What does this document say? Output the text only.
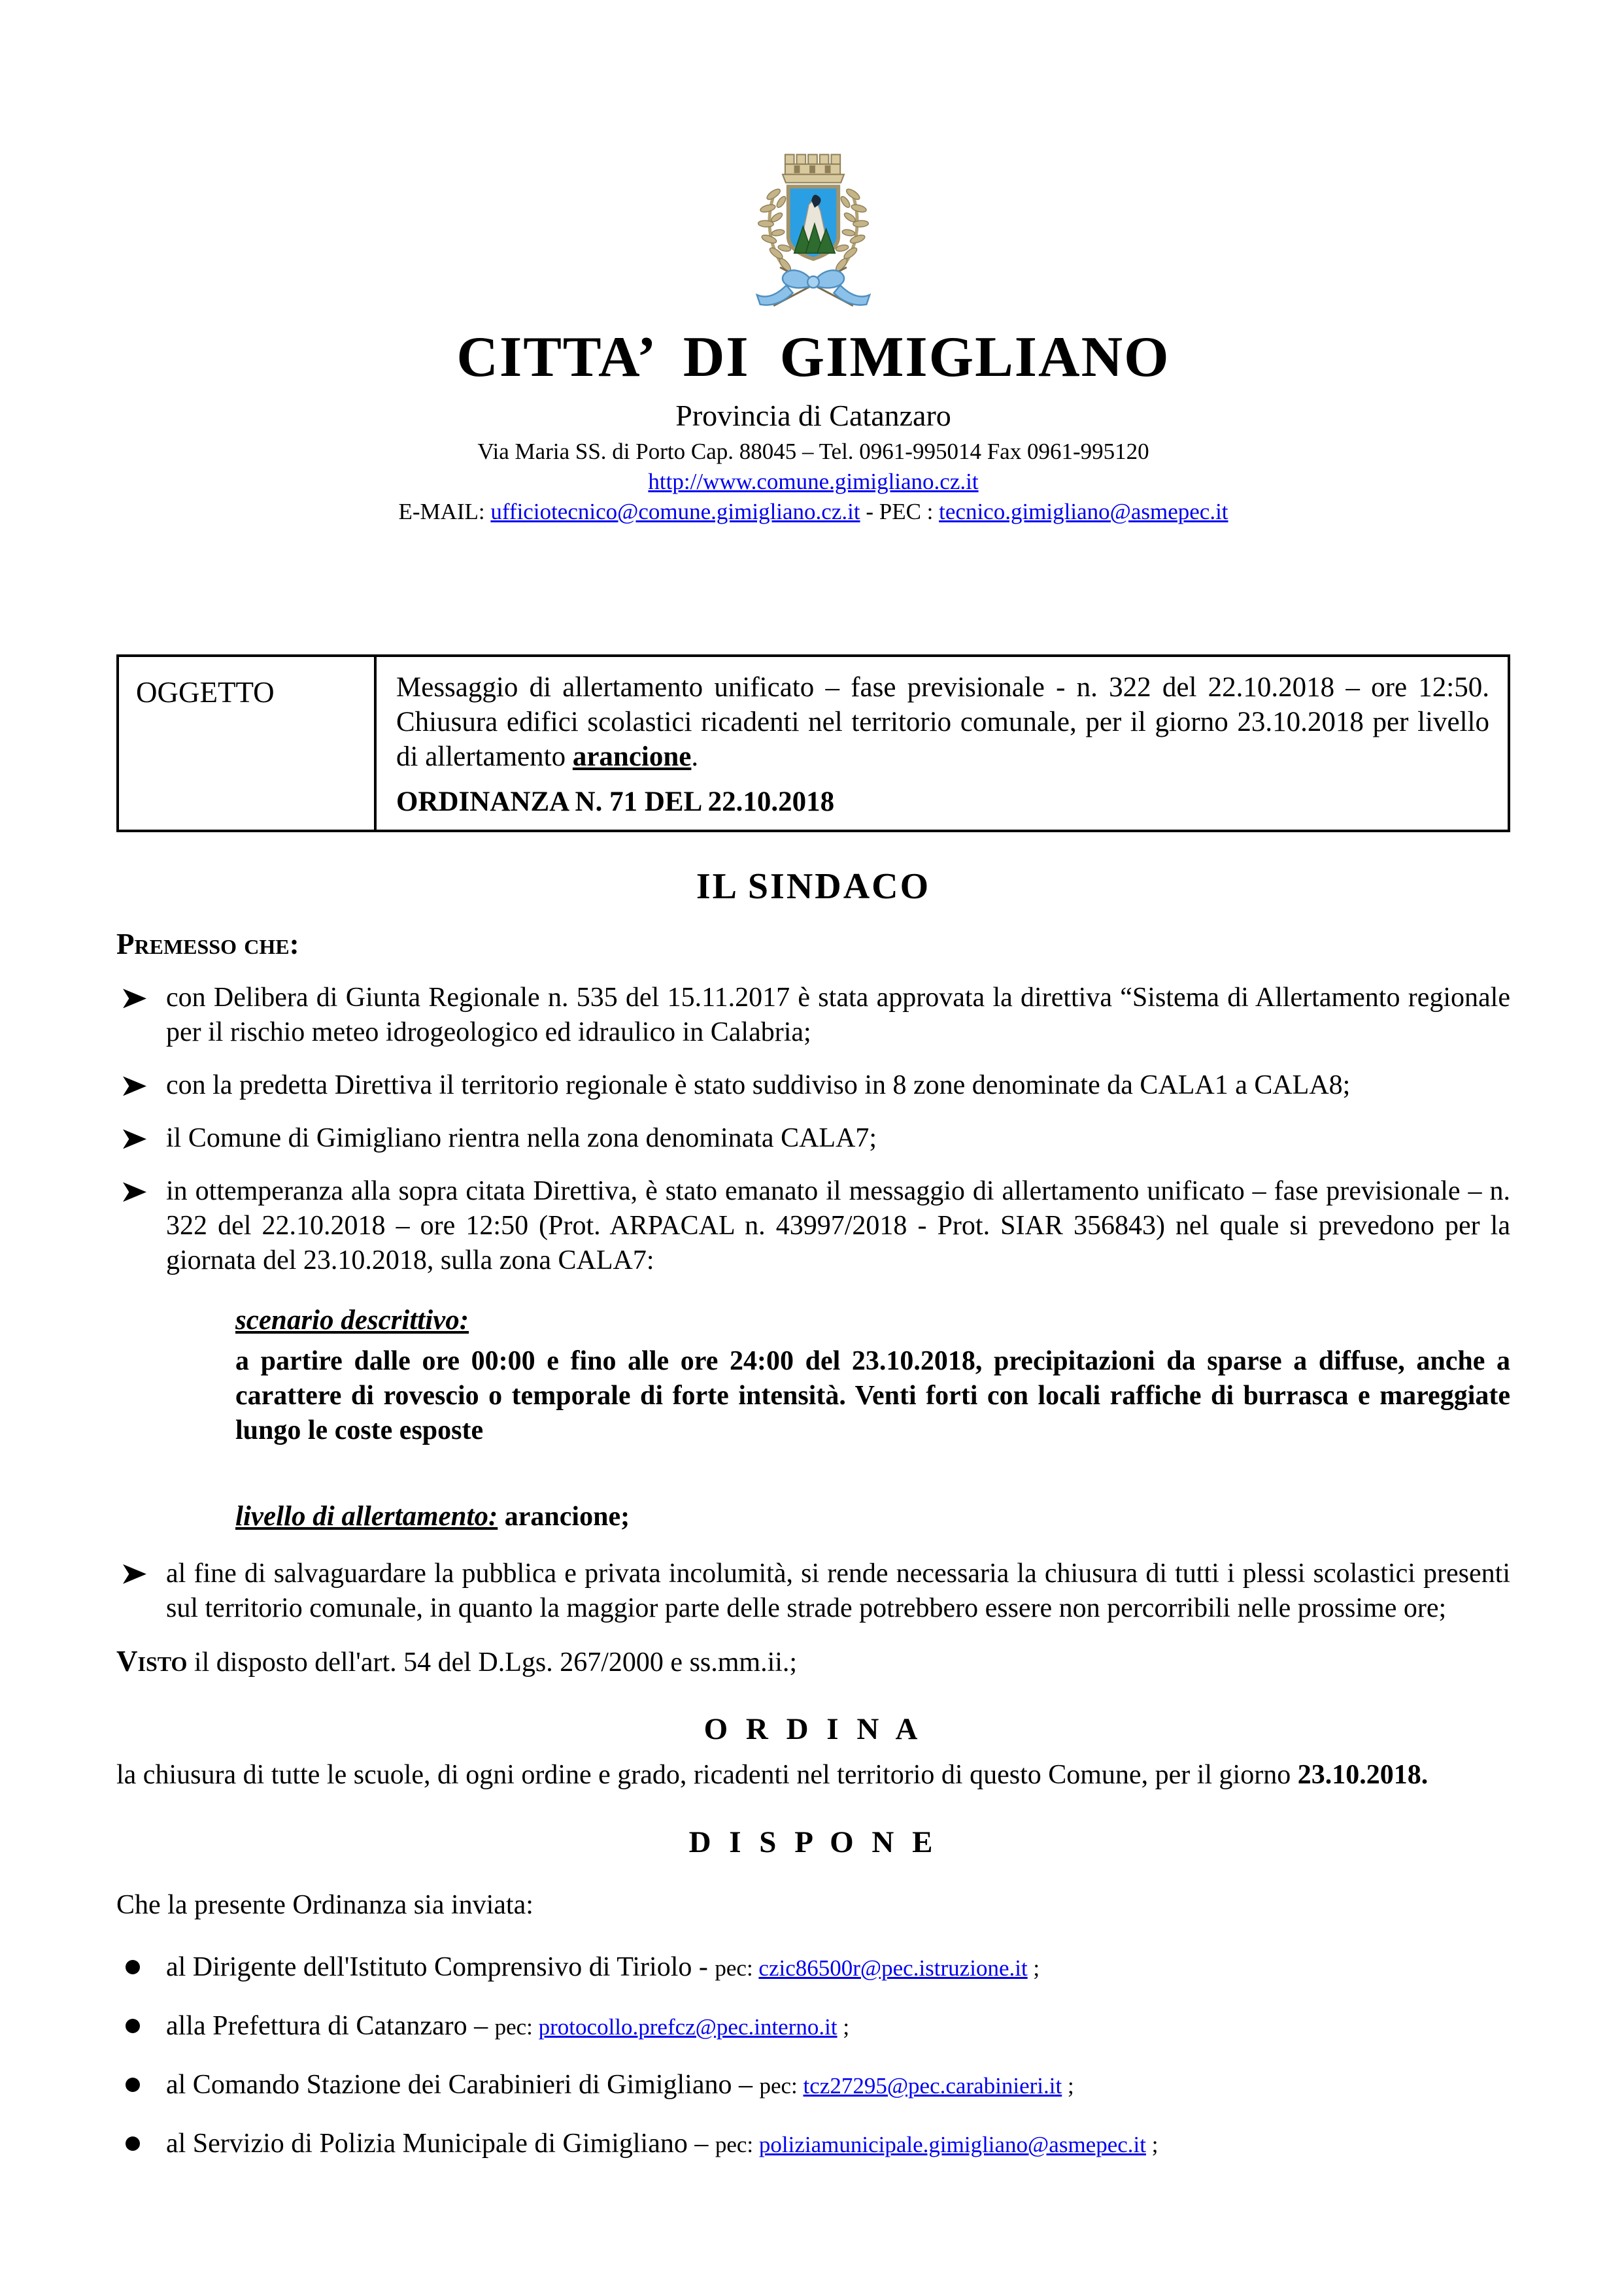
CITTA’ DI GIMIGLIANO
Provincia di Catanzaro
Via Maria SS. di Porto Cap. 88045 – Tel. 0961-995014 Fax 0961-995120
http://www.comune.gimigliano.cz.it
E-MAIL: ufficiotecnico@comune.gimigliano.cz.it - PEC : tecnico.gimigliano@asmepec.it
OGGETTO	Messaggio di allertamento unificato – fase previsionale - n. 322 del 22.10.2018 – ore 12:50. Chiusura edifici scolastici ricadenti nel territorio comunale, per il giorno 23.10.2018 per livello di allertamento arancione.

ORDINANZA N. 71 DEL 22.10.2018
IL SINDACO
Premesso che:
con Delibera di Giunta Regionale n. 535 del 15.11.2017 è stata approvata la direttiva “Sistema di Allertamento regionale per il rischio meteo idrogeologico ed idraulico in Calabria;
con la predetta Direttiva il territorio regionale è stato suddiviso in 8 zone denominate da CALA1 a CALA8;
il Comune di Gimigliano rientra nella zona denominata CALA7;
in ottemperanza alla sopra citata Direttiva, è stato emanato il messaggio di allertamento unificato – fase previsionale – n. 322 del 22.10.2018 – ore 12:50 (Prot. ARPACAL n. 43997/2018 - Prot. SIAR 356843) nel quale si prevedono per la giornata del 23.10.2018, sulla zona CALA7:
scenario descrittivo:
a partire dalle ore 00:00 e fino alle ore 24:00 del 23.10.2018, precipitazioni da sparse a diffuse, anche a carattere di rovescio o temporale di forte intensità. Venti forti con locali raffiche di burrasca e mareggiate lungo le coste esposte
livello di allertamento: arancione;
al fine di salvaguardare la pubblica e privata incolumità, si rende necessaria la chiusura di tutti i plessi scolastici presenti sul territorio comunale, in quanto la maggior parte delle strade potrebbero essere non percorribili nelle prossime ore;

Visto il disposto dell'art. 54 del D.Lgs. 267/2000 e ss.mm.ii.;

O R D I N A

la chiusura di tutte le scuole, di ogni ordine e grado, ricadenti nel territorio di questo Comune, per il giorno 23.10.2018.

D I S P O N E

Che la presente Ordinanza sia inviata:

al Dirigente dell'Istituto Comprensivo di Tiriolo - pec: czic86500r@pec.istruzione.it ;
alla Prefettura di Catanzaro – pec: protocollo.prefcz@pec.interno.it ;
al Comando Stazione dei Carabinieri di Gimigliano – pec: tcz27295@pec.carabinieri.it ;
al Servizio di Polizia Municipale di Gimigliano – pec: poliziamunicipale.gimigliano@asmepec.it ;
